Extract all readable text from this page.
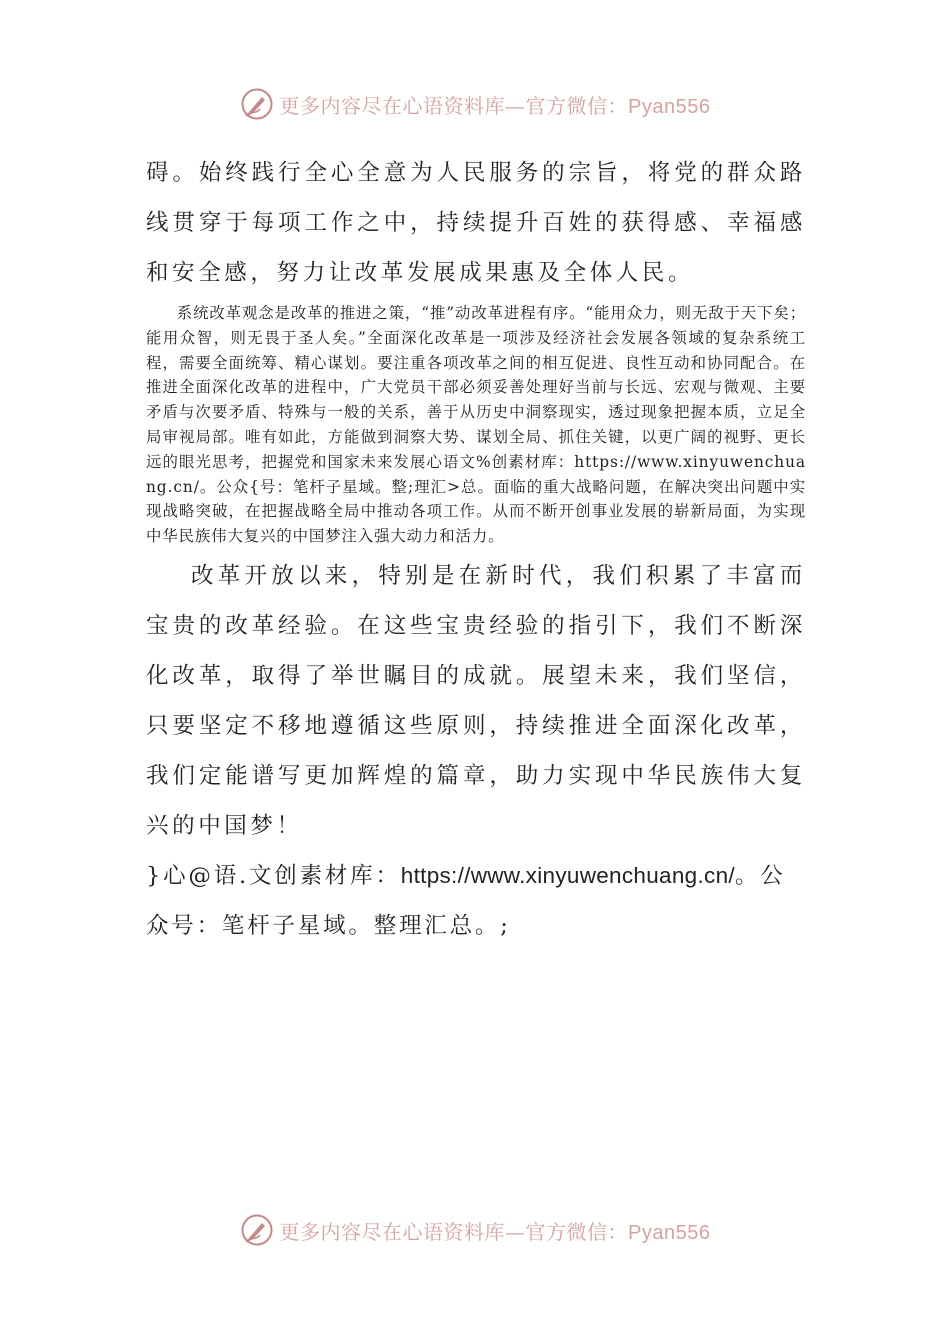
更多内容尽在心语资料库—官方微信：Pyan556

碍。始终践行全心全意为人民服务的宗旨，将党的群众路线贯穿于每项工作之中，持续提升百姓的获得感、幸福感和安全感，努力让改革发展成果惠及全体人民。

系统改革观念是改革的推进之策，“推”动改革进程有序。“能用众力，则无敌于天下矣；能用众智，则无畏于圣人矣。”全面深化改革是一项涉及经济社会发展各领域的复杂系统工程，需要全面统筹、精心谋划。要注重各项改革之间的相互促进、良性互动和协同配合。在推进全面深化改革的进程中，广大党员干部必须妥善处理好当前与长远、宏观与微观、主要矛盾与次要矛盾、特殊与一般的关系，善于从历史中洞察现实，透过现象把握本质，立足全局审视局部。唯有如此，方能做到洞察大势、谋划全局、抓住关键，以更广阔的视野、更长远的眼光思考，把握党和国家未来发展心语文%创素材库：https://www.xinyuwenchuang.cn/。公众{号：笔杆子星域。整;理汇>总。面临的重大战略问题，在解决突出问题中实现战略突破，在把握战略全局中推动各项工作。从而不断开创事业发展的崭新局面，为实现中华民族伟大复兴的中国梦注入强大动力和活力。

改革开放以来，特别是在新时代，我们积累了丰富而宝贵的改革经验。在这些宝贵经验的指引下，我们不断深化改革，取得了举世瞩目的成就。展望未来，我们坚信，只要坚定不移地遵循这些原则，持续推进全面深化改革，我们定能谱写更加辉煌的篇章，助力实现中华民族伟大复兴的中国梦！

}心@语.文创素材库：https://www.xinyuwenchuang.cn/。公众号：笔杆子星域。整理汇总。;

更多内容尽在心语资料库—官方微信：Pyan556
